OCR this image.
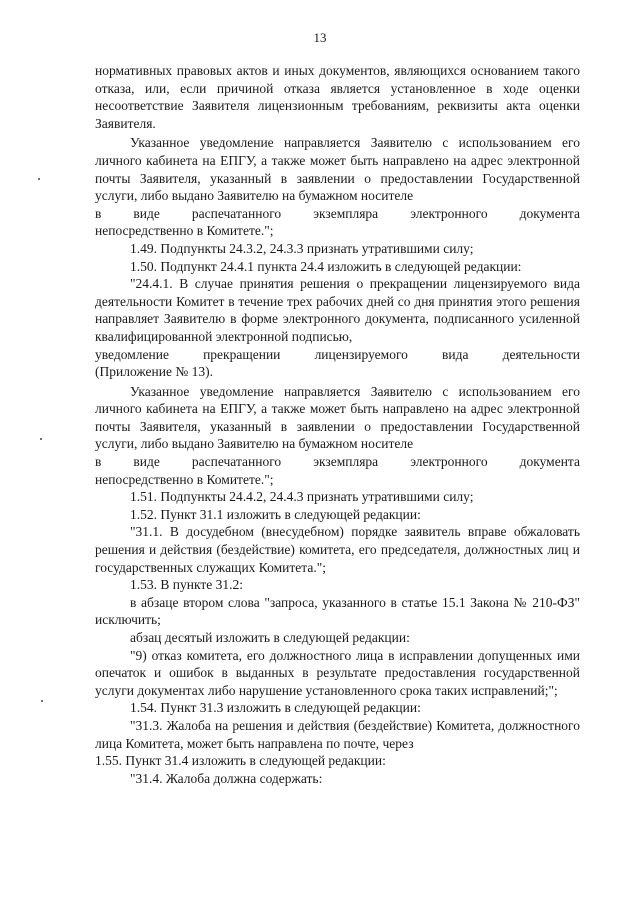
13

нормативных правовых актов и иных документов, являющихся основанием такого отказа, или, если причиной отказа является установленное в ходе оценки несоответствие Заявителя лицензионным требованиям, реквизиты акта оценки Заявителя.

Указанное уведомление направляется Заявителю с использованием его личного кабинета на ЕПГУ, а также может быть направлено на адрес электронной почты Заявителя, указанный в заявлении о предоставлении Государственной услуги, либо выдано Заявителю на бумажном носителе

в виде распечатанного экземпляра электронного документа

непосредственно в Комитете.";

1.49. Подпункты 24.3.2, 24.3.3 признать утратившими силу;

1.50. Подпункт 24.4.1 пункта 24.4 изложить в следующей редакции:

"24.4.1. В случае принятия решения о прекращении лицензируемого вида деятельности Комитет в течение трех рабочих дней со дня принятия этого решения направляет Заявителю в форме электронного документа, подписанного усиленной квалифицированной электронной подписью,

уведомление	прекращении	лицензируемого	вида	деятельности

(Приложение № 13).

Указанное уведомление направляется Заявителю с использованием его личного кабинета на ЕПГУ, а также может быть направлено на адрес электронной почты Заявителя, указанный в заявлении о предоставлении Государственной услуги, либо выдано Заявителю на бумажном носителе

в виде распечатанного экземпляра электронного документа

непосредственно в Комитете.";

1.51. Подпункты 24.4.2, 24.4.3 признать утратившими силу;

1.52. Пункт 31.1 изложить в следующей редакции:

"31.1. В досудебном (внесудебном) порядке заявитель вправе обжаловать решения и действия (бездействие) комитета, его председателя, должностных лиц и государственных служащих Комитета.";

1.53. В пункте 31.2:

в абзаце втором слова "запроса, указанного в статье 15.1 Закона № 210-ФЗ" исключить;

абзац десятый изложить в следующей редакции:

"9) отказ комитета, его должностного лица в исправлении допущенных ими опечаток и ошибок в выданных в результате предоставления государственной услуги документах либо нарушение установленного срока таких исправлений;";

1.54. Пункт 31.3 изложить в следующей редакции:

"31.3. Жалоба на решения и действия (бездействие) Комитета, должностного лица Комитета, может быть направлена по почте, через

1.55. Пункт 31.4 изложить в следующей редакции:

"31.4. Жалоба должна содержать:
